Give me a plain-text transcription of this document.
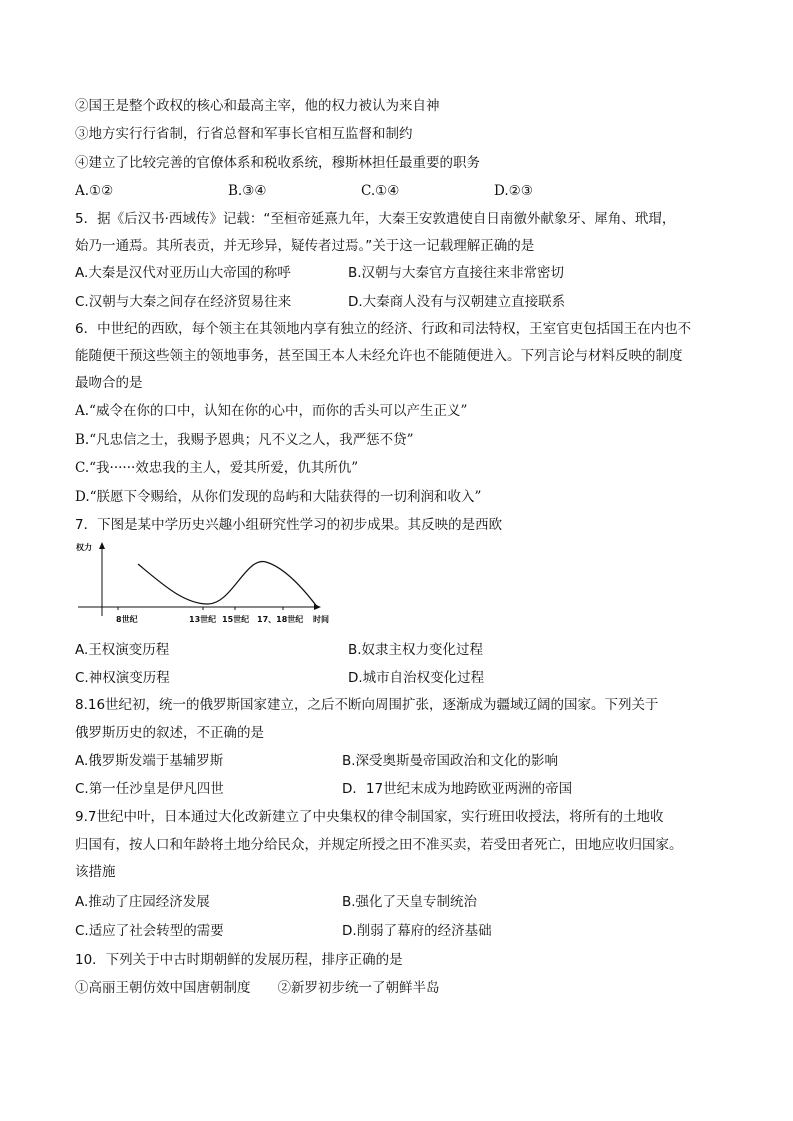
②国王是整个政权的核心和最高主宰，他的权力被认为来自神
③地方实行行省制，行省总督和军事长官相互监督和制约
④建立了比较完善的官僚体系和税收系统，穆斯林担任最重要的职务
A.①②	B.③④	C.①④	D.②③
5．据《后汉书·西域传》记载：“至桓帝延熹九年，大秦王安敦遣使自日南徼外献象牙、犀角、玳瑁，
始乃一通焉。其所表贡，并无珍异，疑传者过焉。”关于这一记载理解正确的是
A.大秦是汉代对亚历山大帝国的称呼	B.汉朝与大秦官方直接往来非常密切
C.汉朝与大秦之间存在经济贸易往来	D.大秦商人没有与汉朝建立直接联系
6．中世纪的西欧，每个领主在其领地内享有独立的经济、行政和司法特权，王室官吏包括国王在内也不
能随便干预这些领主的领地事务，甚至国王本人未经允许也不能随便进入。下列言论与材料反映的制度
最吻合的是
A.“威令在你的口中，认知在你的心中，而你的舌头可以产生正义”
B.“凡忠信之士，我赐予恩典；凡不义之人，我严惩不贷”
C.“我······效忠我的主人，爱其所爱，仇其所仇”
D.“朕愿下令赐给，从你们发现的岛屿和大陆获得的一切利润和收入”
7．下图是某中学历史兴趣小组研究性学习的初步成果。其反映的是西欧
权力
8世纪	13世纪 15世纪 17、18世纪 时间
A.王权演变历程	B.奴隶主权力变化过程
C.神权演变历程	D.城市自治权变化过程
8.16世纪初，统一的俄罗斯国家建立，之后不断向周围扩张，逐渐成为疆域辽阔的国家。下列关于
俄罗斯历史的叙述，不正确的是
A.俄罗斯发端于基辅罗斯	B.深受奥斯曼帝国政治和文化的影响
C.第一任沙皇是伊凡四世	D．17世纪末成为地跨欧亚两洲的帝国
9.7世纪中叶，日本通过大化改新建立了中央集权的律令制国家，实行班田收授法，将所有的土地收
归国有，按人口和年龄将土地分给民众，并规定所授之田不准买卖，若受田者死亡，田地应收归国家。
该措施
A.推动了庄园经济发展	B.强化了天皇专制统治
C.适应了社会转型的需要	D.削弱了幕府的经济基础
10．下列关于中古时期朝鲜的发展历程，排序正确的是
①高丽王朝仿效中国唐朝制度　　②新罗初步统一了朝鲜半岛
